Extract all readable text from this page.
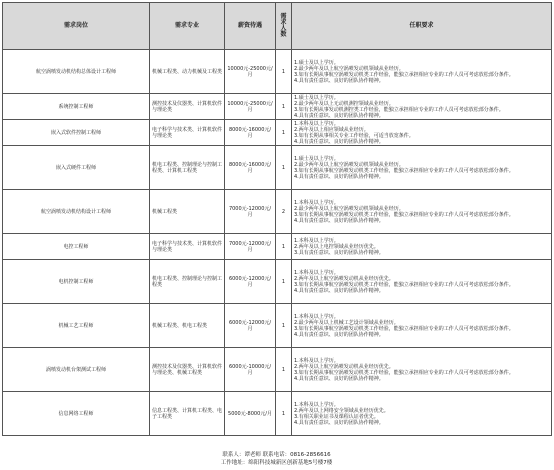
需求岗位	需求专业	薪资待遇	需求人数	任职要求
航空涡喷发动机结构总体设计工程师	机械工程类、动力机械及工程类	10000元-25000元/月	1	1.硕士及以上学历。
2.最少两年及以上航空涡喷发动机领域从业经历。
3.如有长期从事航空涡喷发动机类工作经验，能独立承担相应专业的工作人员可考虑放松部分条件。
4.具有责任意识、良好的团队协作精神。

系统控制工程师	测控技术及仪器类、计算机软件与理论类	10000元-25000元/月	1	1.硕士及以上学历。
2.最少两年及以上无动机测控领域从业经历。
3.如有长期从事发动机测控类工作经验，能独立承担相应专业的工作人员可考虑放松部分条件。
4.具有责任意识、良好的团队协作精神。

嵌入式软件控制工程师	电子科学与技术类、计算机软件与理论类	8000元-16000元/月	1	1.本科及以上学历。
2.两年及以上相应领域从业经历。
3.如有长期从事相关专业工作经验，可适当放宽条件。
4.具有责任意识、良好的团队协作精神。

嵌入式硬件工程师	机电工程类、控制理论与控制工程类、计算机工程类	8000元-16000元/月	1	1.硕士及以上学历。
2.最少两年及以上航空涡喷发动机领域从业经历。
3.如有长期从事航空涡喷发动机类工作经验，能独立承担相应专业的工作人员可考虑放松部分条件。
4.具有责任意识、良好的团队协作精神。

航空涡喷发动机结构设计工程师	机械工程类	7000元-12000元/月	2	1.本科及以上学历。
2.最少两年及以上航空涡喷发动机领域从业经历。
3.如有长期从事航空涡喷发动机类工作经验，能独立承担相应专业的工作人员可考虑放松部分条件。
4.具有责任意识、良好的团队协作精神。

电控工程师	电子科学与技术类、计算机软件与理论类	7000元-12000元/月	1	1.本科及以上学历。
2.两年及以上电控领域从业经历优先。
3.具有责任意识、良好的团队协作精神。

电机控制工程师	机电工程类、控制理论与控制工程类	6000元-12000元/月	1	1.本科及以上学历。
2.两年及以上航空涡喷发动机从业经历优先。
3.如有长期从事航空涡喷发动机类工作经验，能独立承担相应专业的工作人员可考虑放松部分条件。
4.具有责任意识、良好的团队协作精神。

机械工艺工程师	机械工程类、机电工程类	6000元-12000元/月	1	1.本科及以上学历。
2.最少两年及以上机械工艺设计领域从业经历。
3.如有长期从事航空涡喷发动机类工作经验，能独立承担相应专业的工作人员可考虑放松部分条件。
4.具有责任意识、良好的团队协作精神。

涡喷发动机台架测试工程师	测控技术及仪器类、计算机软件与理论类、机械工程类	6000元-10000元/月	1	1.本科及以上学历。
2.两年及以上航空涡喷发动机从业经历优先。
3.如有长期从事航空涡喷发动机类工作经验，能独立承担相应专业的工作人员可考虑放松部分条件。
4.具有责任意识、良好的团队协作精神。

信息网络工程师	信息工程类、计算机工程类、电子工程类	5000元-8000元/月	1	1.本科及以上学历。
2.两年及以上网络安全领域从业经历优先。
3.有相关职业证书及课程认证者优先。
4.具有责任意识、良好的团队协作精神。
联系人：谭老师 联系电话：0816-2856616
工作地址：绵阳科技城新区创新基地5号楼7楼
